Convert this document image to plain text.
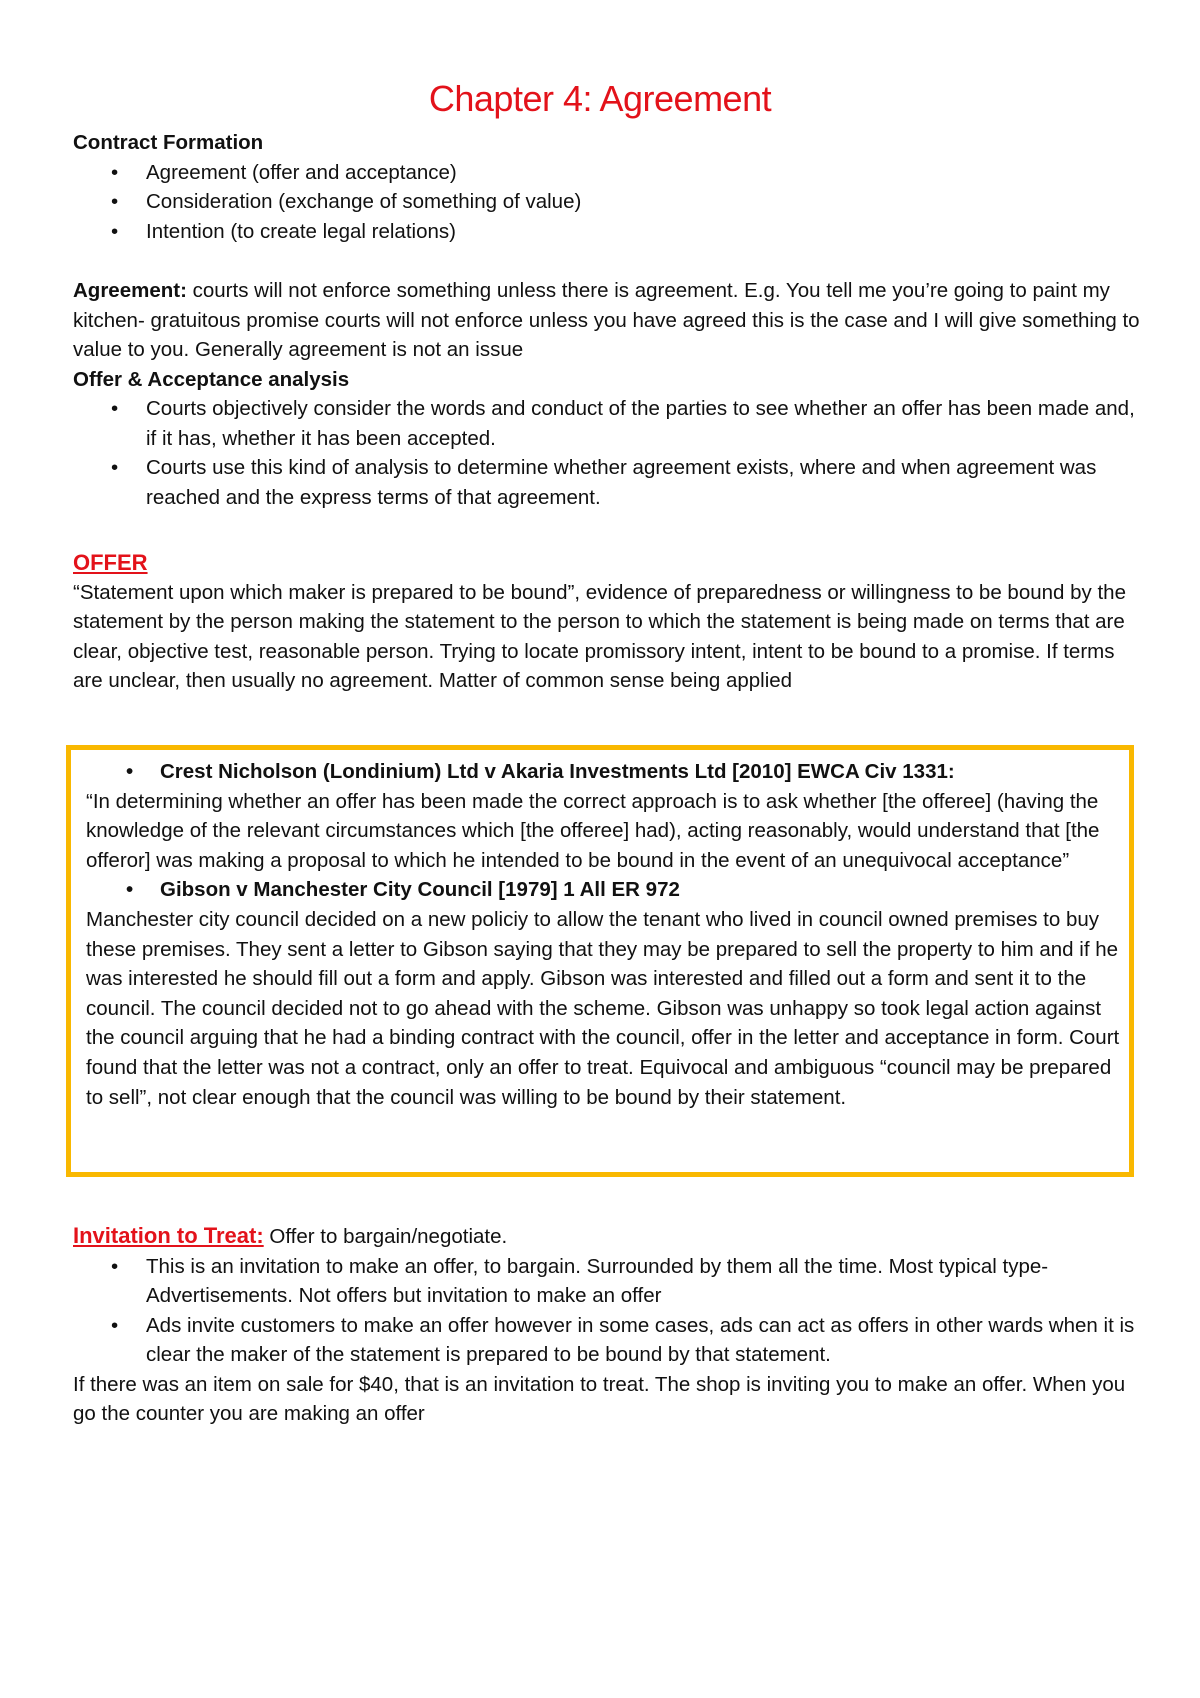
Chapter 4: Agreement

Contract Formation

• Agreement (offer and acceptance)
• Consideration (exchange of something of value)
• Intention (to create legal relations)

Agreement: courts will not enforce something unless there is agreement. E.g. You tell me you’re going to paint my kitchen- gratuitous promise courts will not enforce unless you have agreed this is the case and I will give something to value to you. Generally agreement is not an issue

Offer & Acceptance analysis

• Courts objectively consider the words and conduct of the parties to see whether an offer has been made and, if it has, whether it has been accepted.
• Courts use this kind of analysis to determine whether agreement exists, where and when agreement was reached and the express terms of that agreement.

OFFER

“Statement upon which maker is prepared to be bound”, evidence of preparedness or willingness to be bound by the statement by the person making the statement to the person to which the statement is being made on terms that are clear, objective test, reasonable person. Trying to locate promissory intent, intent to be bound to a promise. If terms are unclear, then usually no agreement. Matter of common sense being applied

• Crest Nicholson (Londinium) Ltd v Akaria Investments Ltd [2010] EWCA Civ 1331:

“In determining whether an offer has been made the correct approach is to ask whether [the offeree] (having the knowledge of the relevant circumstances which [the offeree] had), acting reasonably, would understand that [the offeror] was making a proposal to which he intended to be bound in the event of an unequivocal acceptance”

• Gibson v Manchester City Council [1979] 1 All ER 972

Manchester city council decided on a new policiy to allow the tenant who lived in council owned premises to buy these premises. They sent a letter to Gibson saying that they may be prepared to sell the property to him and if he was interested he should fill out a form and apply. Gibson was interested and filled out a form and sent it to the council. The council decided not to go ahead with the scheme. Gibson was unhappy so took legal action against the council arguing that he had a binding contract with the council, offer in the letter and acceptance in form. Court found that the letter was not a contract, only an offer to treat. Equivocal and ambiguous “council may be prepared to sell”, not clear enough that the council was willing to be bound by their statement.

Invitation to Treat: Offer to bargain/negotiate.

• This is an invitation to make an offer, to bargain. Surrounded by them all the time. Most typical type- Advertisements. Not offers but invitation to make an offer
• Ads invite customers to make an offer however in some cases, ads can act as offers in other wards when it is clear the maker of the statement is prepared to be bound by that statement.

If there was an item on sale for $40, that is an invitation to treat. The shop is inviting you to make an offer. When you go the counter you are making an offer
